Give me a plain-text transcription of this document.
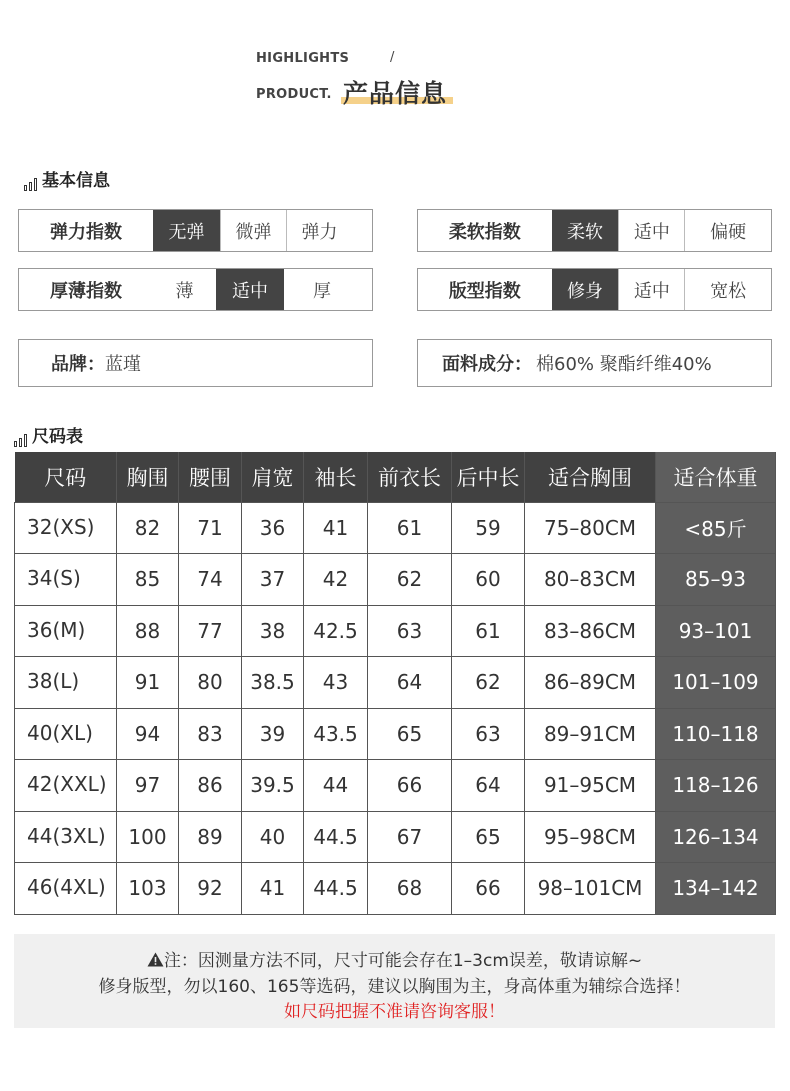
HIGHLIGHTS	/
PRODUCT. 产品信息
基本信息
弹力指数	无弹	微弹	弹力	柔软指数	柔软	适中	偏硬
厚薄指数	薄	适中	厚	版型指数	修身	适中	宽松
品牌： 蓝瑾	面料成分： 棉60% 聚酯纤维40%
尺码表
尺码	胸围	腰围	肩宽	袖长	前衣长	后中长	适合胸围	适合体重
32(XS)	82	71	36	41	61	59	75–80CM	<85斤
34(S)	85	74	37	42	62	60	80–83CM	85–93
36(M)	88	77	38	42.5	63	61	83–86CM	93–101
38(L)	91	80	38.5	43	64	62	86–89CM	101–109
40(XL)	94	83	39	43.5	65	63	89–91CM	110–118
42(XXL)	97	86	39.5	44	66	64	91–95CM	118–126
44(3XL)	100	89	40	44.5	67	65	95–98CM	126–134
46(4XL)	103	92	41	44.5	68	66	98–101CM	134–142
注：因测量方法不同，尺寸可能会存在1–3cm误差，敬请谅解~
修身版型，勿以160、165等选码，建议以胸围为主，身高体重为辅综合选择！
如尺码把握不准请咨询客服！
